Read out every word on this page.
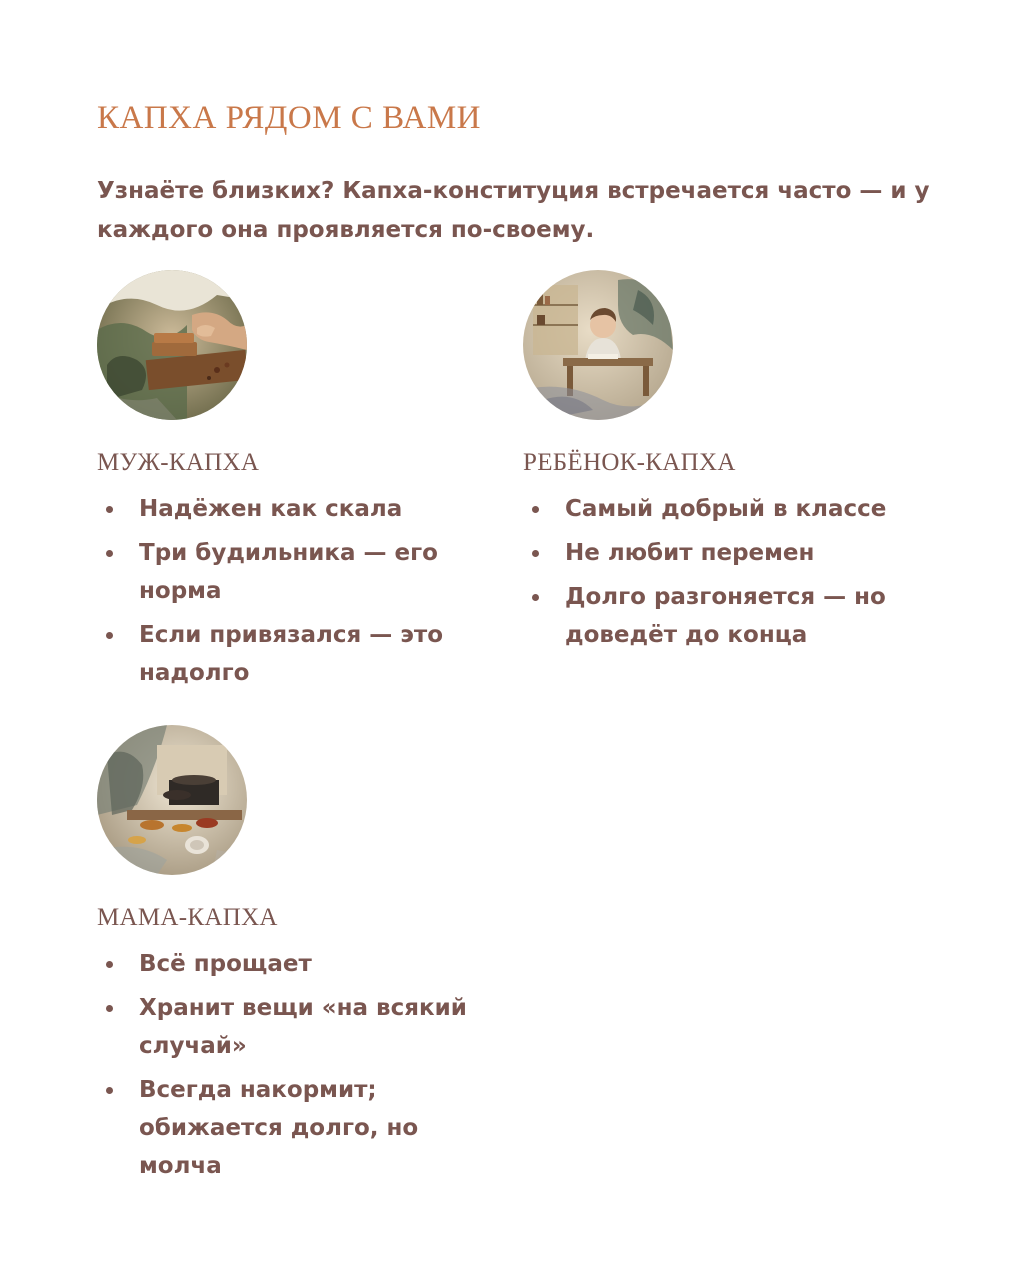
КАПХА РЯДОМ С ВАМИ

Узнаёте близких? Капха-конституция встречается часто — и у каждого она проявляется по-своему.

МУЖ-КАПХА
Надёжен как скала
Три будильника — его норма
Если привязался — это надолго
РЕБЁНОК-КАПХА
Самый добрый в классе
Не любит перемен
Долго разгоняется — но доведёт до конца
МАМА-КАПХА
Всё прощает
Хранит вещи «на всякий случай»
Всегда накормит; обижается долго, но молча
